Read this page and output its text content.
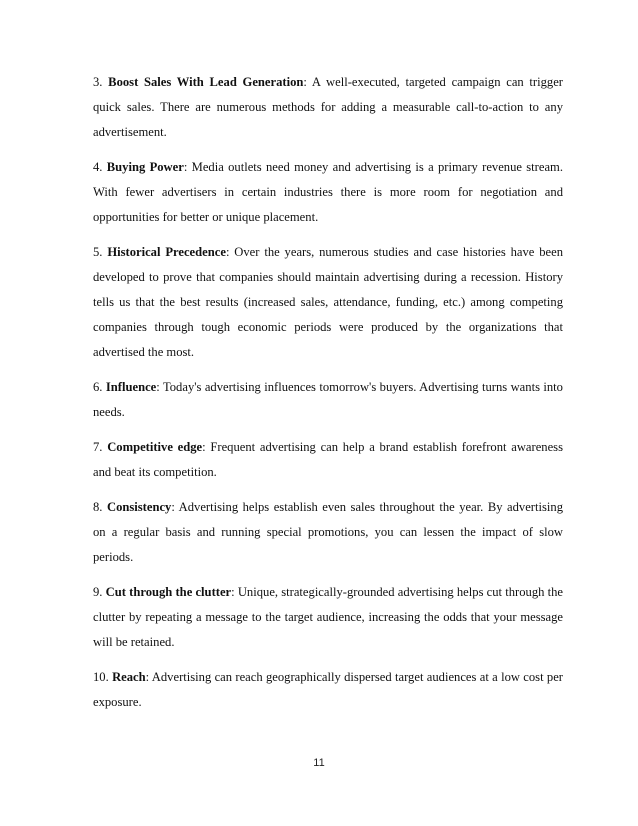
3. Boost Sales With Lead Generation: A well-executed, targeted campaign can trigger quick sales. There are numerous methods for adding a measurable call-to-action to any advertisement.

4. Buying Power: Media outlets need money and advertising is a primary revenue stream. With fewer advertisers in certain industries there is more room for negotiation and opportunities for better or unique placement.

5. Historical Precedence: Over the years, numerous studies and case histories have been developed to prove that companies should maintain advertising during a recession. History tells us that the best results (increased sales, attendance, funding, etc.) among competing companies through tough economic periods were produced by the organizations that advertised the most.

6. Influence: Today's advertising influences tomorrow's buyers. Advertising turns wants into needs.

7. Competitive edge: Frequent advertising can help a brand establish forefront awareness and beat its competition.

8. Consistency: Advertising helps establish even sales throughout the year. By advertising on a regular basis and running special promotions, you can lessen the impact of slow periods.

9. Cut through the clutter: Unique, strategically-grounded advertising helps cut through the clutter by repeating a message to the target audience, increasing the odds that your message will be retained.

10. Reach: Advertising can reach geographically dispersed target audiences at a low cost per exposure.

11
